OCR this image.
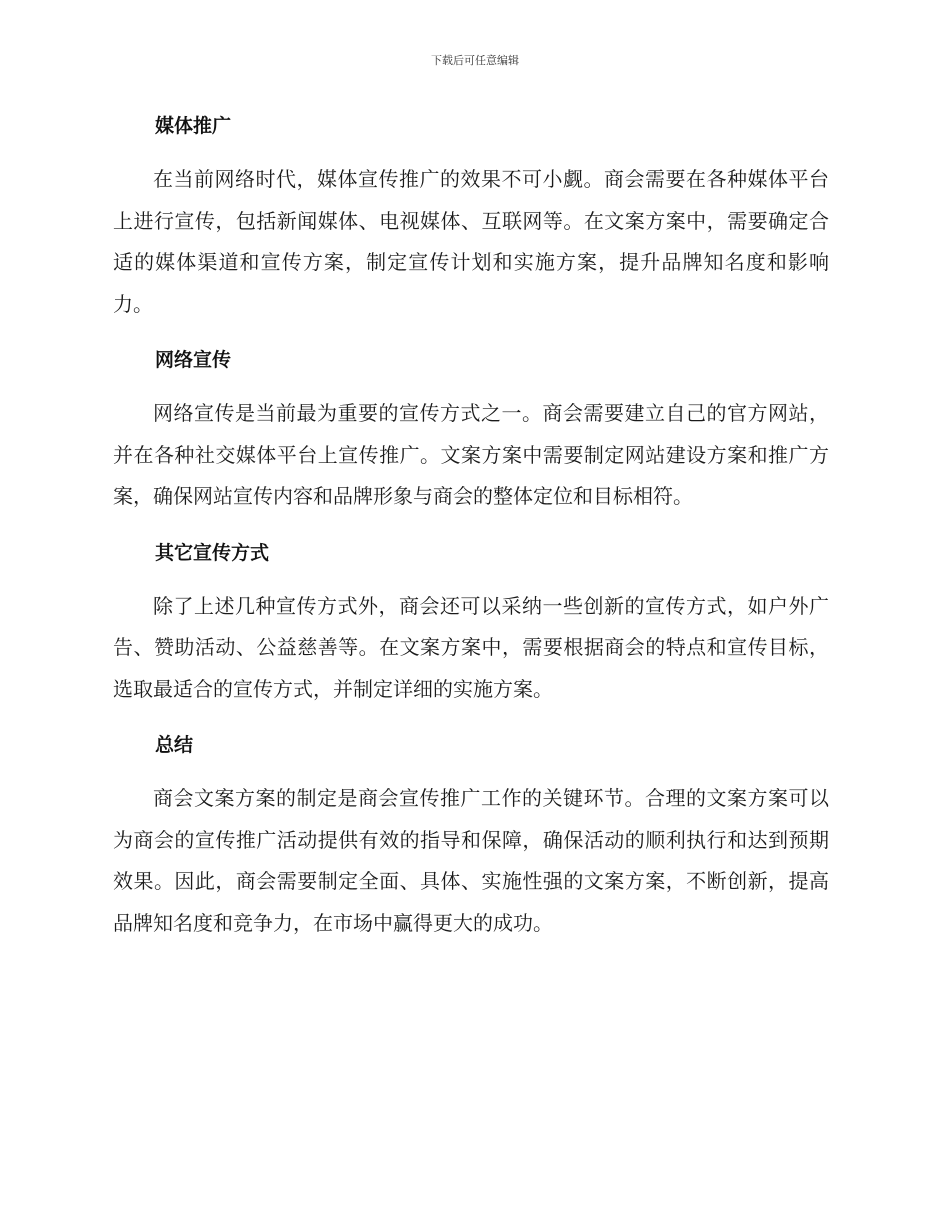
下载后可任意编辑
媒体推广

在当前网络时代，媒体宣传推广的效果不可小觑。商会需要在各种媒体平台上进行宣传，包括新闻媒体、电视媒体、互联网等。在文案方案中，需要确定合适的媒体渠道和宣传方案，制定宣传计划和实施方案，提升品牌知名度和影响力。

网络宣传

网络宣传是当前最为重要的宣传方式之一。商会需要建立自己的官方网站，并在各种社交媒体平台上宣传推广。文案方案中需要制定网站建设方案和推广方案，确保网站宣传内容和品牌形象与商会的整体定位和目标相符。

其它宣传方式

除了上述几种宣传方式外，商会还可以采纳一些创新的宣传方式，如户外广告、赞助活动、公益慈善等。在文案方案中，需要根据商会的特点和宣传目标，选取最适合的宣传方式，并制定详细的实施方案。

总结

商会文案方案的制定是商会宣传推广工作的关键环节。合理的文案方案可以为商会的宣传推广活动提供有效的指导和保障，确保活动的顺利执行和达到预期效果。因此，商会需要制定全面、具体、实施性强的文案方案，不断创新，提高品牌知名度和竞争力，在市场中赢得更大的成功。
